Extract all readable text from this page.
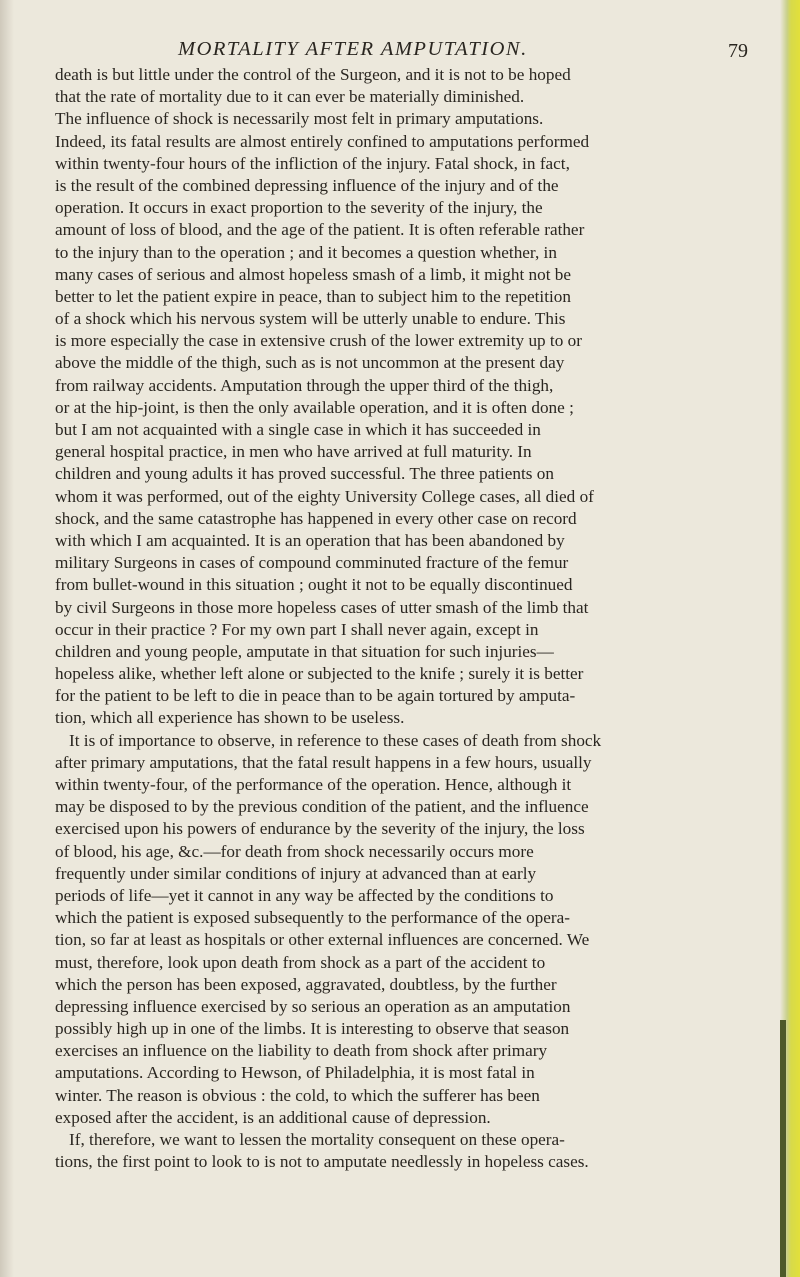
MORTALITY AFTER AMPUTATION.	79
death is but little under the control of the Surgeon, and it is not to be hoped
that the rate of mortality due to it can ever be materially diminished.
The influence of shock is necessarily most felt in primary amputations.
Indeed, its fatal results are almost entirely confined to amputations performed
within twenty-four hours of the infliction of the injury. Fatal shock, in fact,
is the result of the combined depressing influence of the injury and of the
operation. It occurs in exact proportion to the severity of the injury, the
amount of loss of blood, and the age of the patient. It is often referable rather
to the injury than to the operation ; and it becomes a question whether, in
many cases of serious and almost hopeless smash of a limb, it might not be
better to let the patient expire in peace, than to subject him to the repetition
of a shock which his nervous system will be utterly unable to endure. This
is more especially the case in extensive crush of the lower extremity up to or
above the middle of the thigh, such as is not uncommon at the present day
from railway accidents. Amputation through the upper third of the thigh,
or at the hip-joint, is then the only available operation, and it is often done ;
but I am not acquainted with a single case in which it has succeeded in
general hospital practice, in men who have arrived at full maturity. In
children and young adults it has proved successful. The three patients on
whom it was performed, out of the eighty University College cases, all died of
shock, and the same catastrophe has happened in every other case on record
with which I am acquainted. It is an operation that has been abandoned by
military Surgeons in cases of compound comminuted fracture of the femur
from bullet-wound in this situation ; ought it not to be equally discontinued
by civil Surgeons in those more hopeless cases of utter smash of the limb that
occur in their practice ? For my own part I shall never again, except in
children and young people, amputate in that situation for such injuries—
hopeless alike, whether left alone or subjected to the knife ; surely it is better
for the patient to be left to die in peace than to be again tortured by amputa-
tion, which all experience has shown to be useless.
It is of importance to observe, in reference to these cases of death from shock
after primary amputations, that the fatal result happens in a few hours, usually
within twenty-four, of the performance of the operation. Hence, although it
may be disposed to by the previous condition of the patient, and the influence
exercised upon his powers of endurance by the severity of the injury, the loss
of blood, his age, &c.—for death from shock necessarily occurs more
frequently under similar conditions of injury at advanced than at early
periods of life—yet it cannot in any way be affected by the conditions to
which the patient is exposed subsequently to the performance of the opera-
tion, so far at least as hospitals or other external influences are concerned. We
must, therefore, look upon death from shock as a part of the accident to
which the person has been exposed, aggravated, doubtless, by the further
depressing influence exercised by so serious an operation as an amputation
possibly high up in one of the limbs. It is interesting to observe that season
exercises an influence on the liability to death from shock after primary
amputations. According to Hewson, of Philadelphia, it is most fatal in
winter. The reason is obvious : the cold, to which the sufferer has been
exposed after the accident, is an additional cause of depression.
If, therefore, we want to lessen the mortality consequent on these opera-
tions, the first point to look to is not to amputate needlessly in hopeless cases.
